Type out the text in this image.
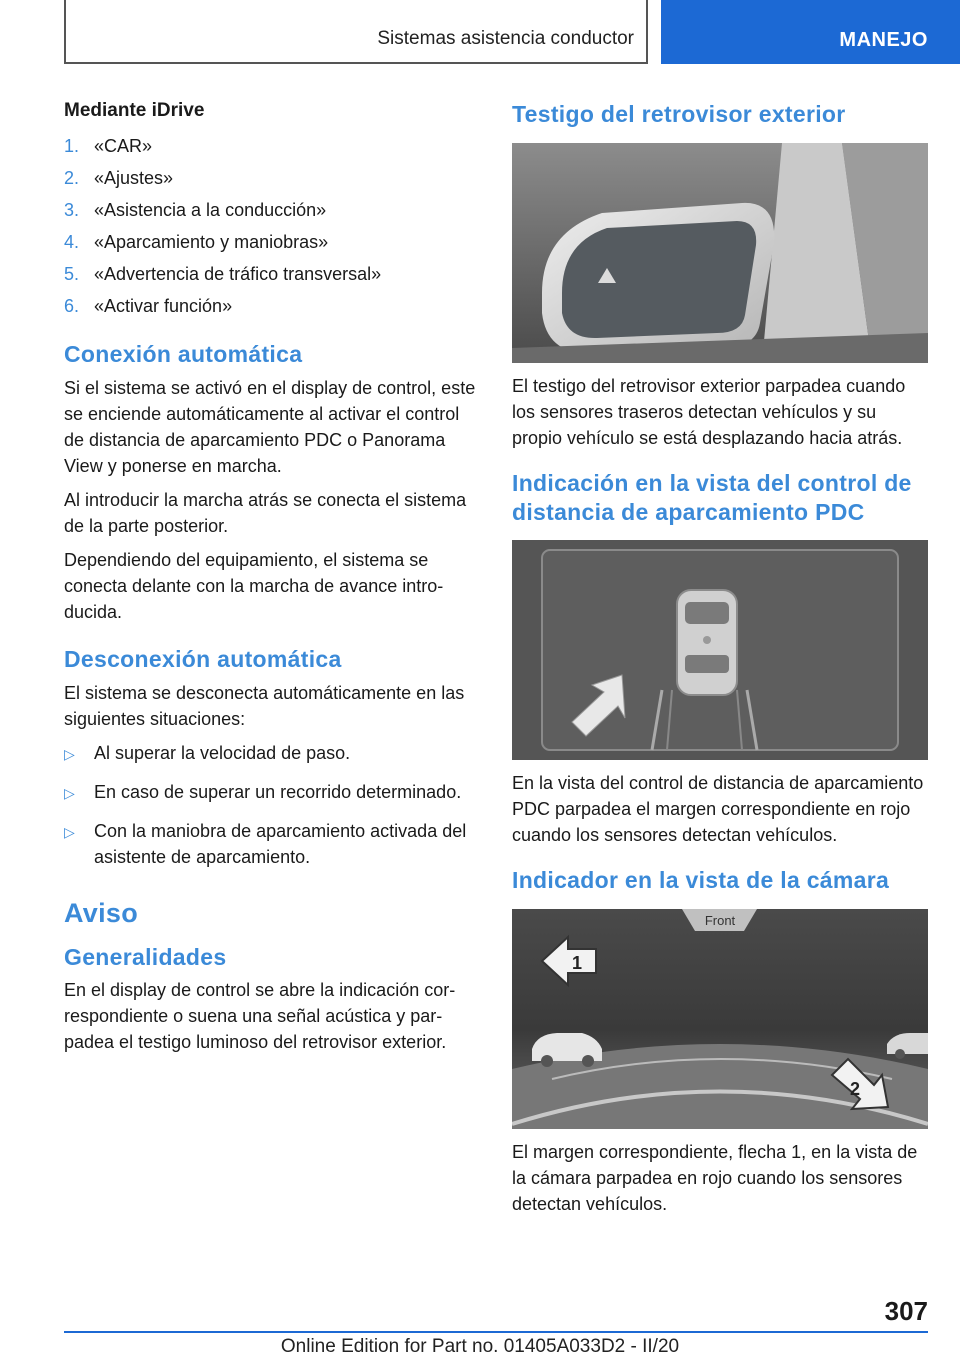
Sistemas asistencia conductor	MANEJO
Mediante iDrive
1. «CAR»
2. «Ajustes»
3. «Asistencia a la conducción»
4. «Aparcamiento y maniobras»
5. «Advertencia de tráfico transversal»
6. «Activar función»
Conexión automática

Si el sistema se activó en el display de control, este se enciende automáticamente al activar el control de distancia de aparcamiento PDC o Panorama View y ponerse en marcha.

Al introducir la marcha atrás se conecta el sistema de la parte posterior.

Dependiendo del equipamiento, el sistema se conecta delante con la marcha de avance introducida.

Desconexión automática

El sistema se desconecta automáticamente en las siguientes situaciones:

▷	Al superar la velocidad de paso.
▷	En caso de superar un recorrido determinado.
▷	Con la maniobra de aparcamiento activada del asistente de aparcamiento.
Aviso
Generalidades

En el display de control se abre la indicación correspondiente o suena una señal acústica y parpadea el testigo luminoso del retrovisor exterior.

Testigo del retrovisor exterior

El testigo del retrovisor exterior parpadea cuando los sensores traseros detectan vehículos y su propio vehículo se está desplazando hacia atrás.

Indicación en la vista del control de distancia de aparcamiento PDC

En la vista del control de distancia de aparcamiento PDC parpadea el margen correspondiente en rojo cuando los sensores detectan vehículos.

Indicador en la vista de la cámara
Front
1
2

El margen correspondiente, flecha 1, en la vista de la cámara parpadea en rojo cuando los sensores detectan vehículos.

307
Online Edition for Part no. 01405A033D2 - II/20
